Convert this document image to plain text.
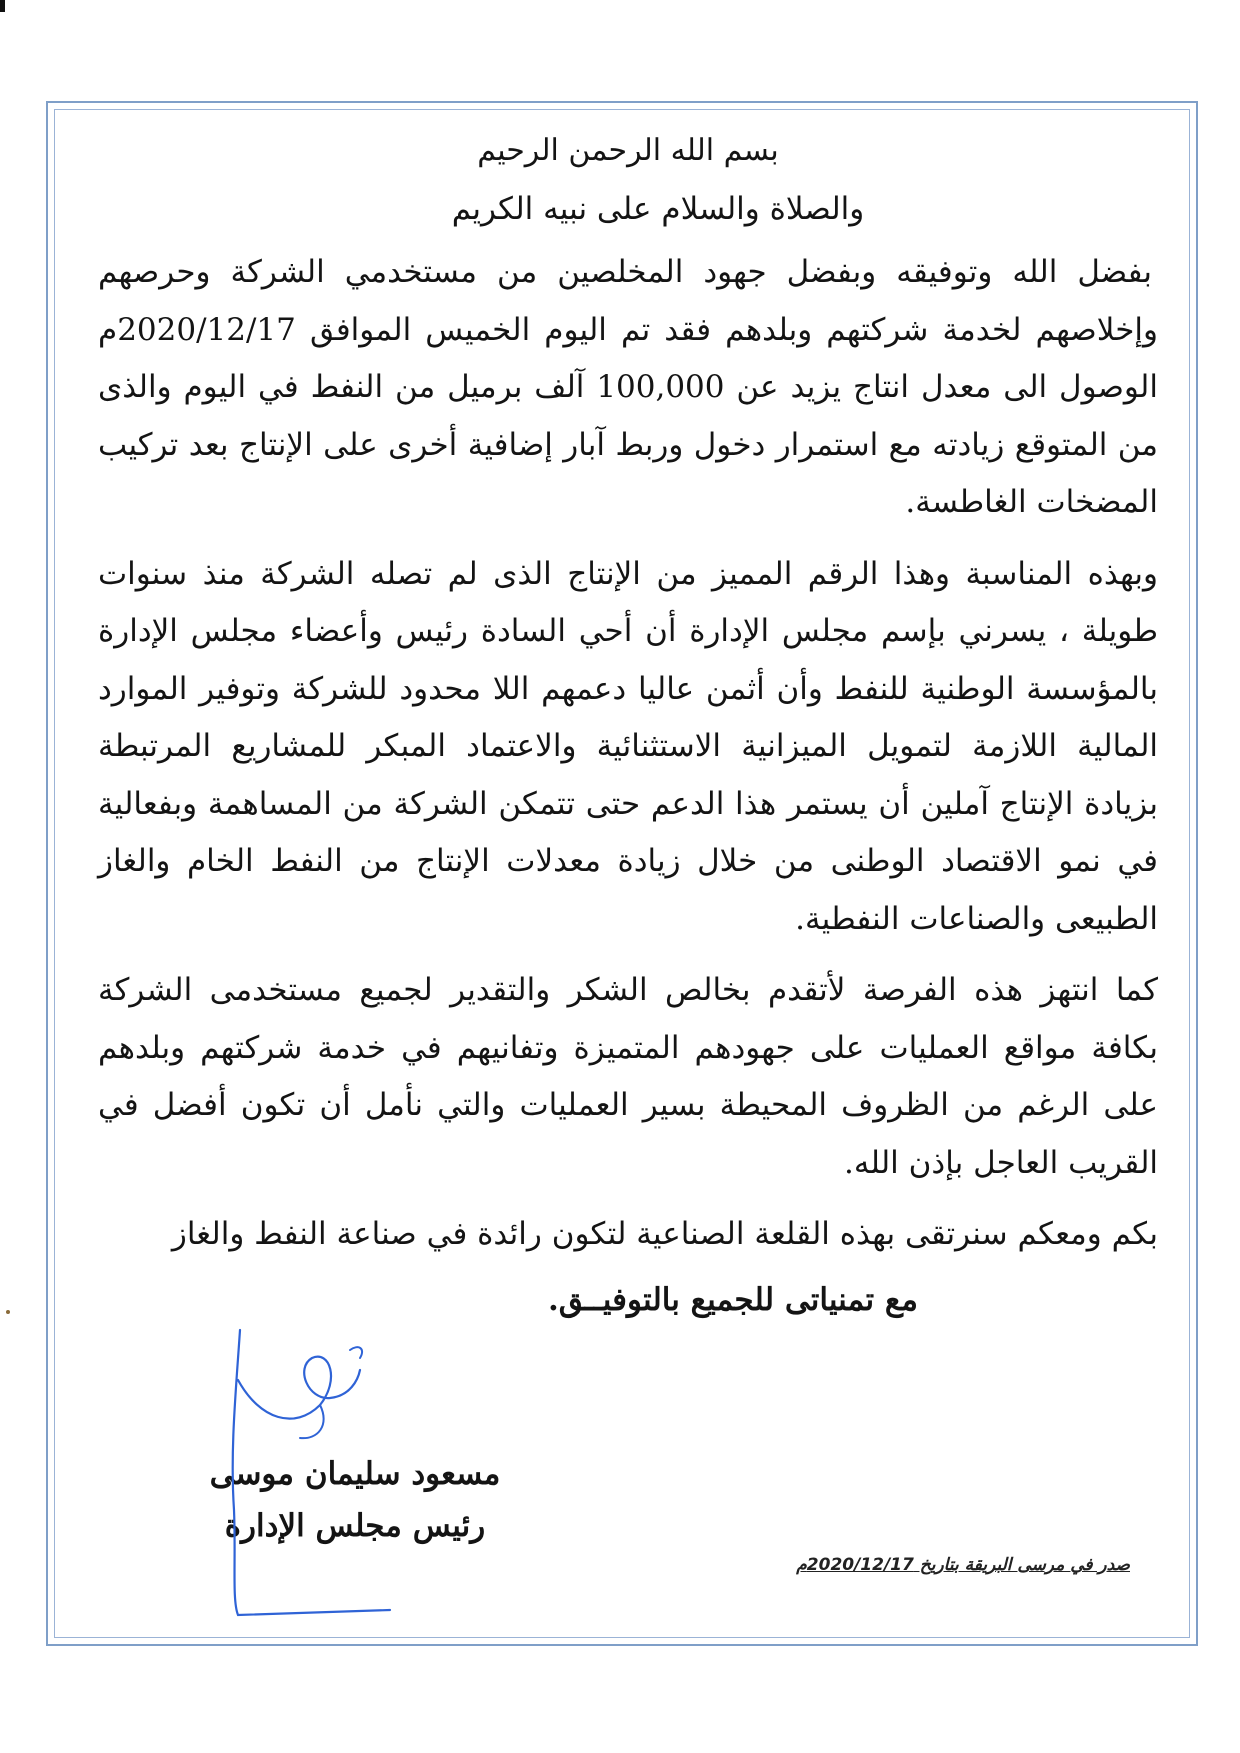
بسم الله الرحمن الرحيم

والصلاة والسلام على نبيه الكريم

بفضل الله وتوفيقه وبفضل جهود المخلصين من مستخدمي الشركة وحرصهم وإخلاصهم لخدمة شركتهم وبلدهم فقد تم اليوم الخميس الموافق 2020/12/17م الوصول الى معدل انتاج يزيد عن 100,000 آلف برميل من النفط في اليوم والذى من المتوقع زيادته مع استمرار دخول وربط آبار إضافية أخرى على الإنتاج بعد تركيب المضخات الغاطسة.

وبهذه المناسبة وهذا الرقم المميز من الإنتاج الذى لم تصله الشركة منذ سنوات طويلة ، يسرني بإسم مجلس الإدارة أن أحي السادة رئيس وأعضاء مجلس الإدارة بالمؤسسة الوطنية للنفط وأن أثمن عاليا دعمهم اللا محدود للشركة وتوفير الموارد المالية اللازمة لتمويل الميزانية الاستثنائية والاعتماد المبكر للمشاريع المرتبطة بزيادة الإنتاج آملين أن يستمر هذا الدعم حتى تتمكن الشركة من المساهمة وبفعالية في نمو الاقتصاد الوطنى من خلال زيادة معدلات الإنتاج من النفط الخام والغاز الطبيعى والصناعات النفطية.

كما انتهز هذه الفرصة لأتقدم بخالص الشكر والتقدير لجميع مستخدمى الشركة بكافة مواقع العمليات على جهودهم المتميزة وتفانيهم في خدمة شركتهم وبلدهم على الرغم من الظروف المحيطة بسير العمليات والتي نأمل أن تكون أفضل في القريب العاجل بإذن الله.

بكم ومعكم سنرتقى بهذه القلعة الصناعية لتكون رائدة في صناعة النفط والغاز

مع تمنياتى للجميع بالتوفيــق.

مسعود سليمان موسى

رئيس مجلس الإدارة

صدر في مرسى البريقة بتاريخ 2020/12/17م
